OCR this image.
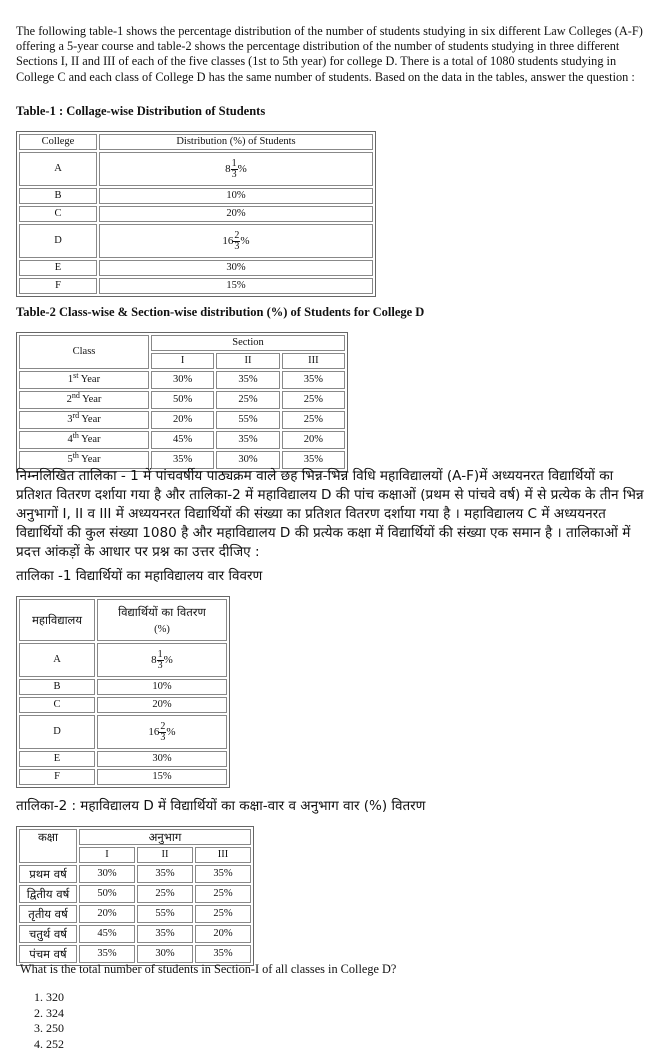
The following table-1 shows the percentage distribution of the number of students studying in six different Law Colleges (A-F) offering a 5-year course and table-2 shows the percentage distribution of the number of students studying in three different Sections I, II and III of each of the five classes (1st to 5th year) for college D. There is a total of 1080 students studying in College C and each class of College D has the same number of students. Based on the data in the tables, answer the question :
Table-1 : Collage-wise Distribution of Students
College	Distribution (%) of Students
A	$8 \frac{1}{3}$ %

B	10%
C	20%
D	$16 \frac{2}{3}$ %

E	30%
F	15%
Table-2 Class-wise & Section-wise distribution (%) of Students for College D
Class	Section		
	I	II	III
1st Year	30%	35%	35%
2nd Year	50%	25%	25%
3rd Year	20%	55%	25%
4th Year	45%	35%	20%
5th Year	35%	30%	35%
निम्नलिखित तालिका - 1 में पांचवर्षीय पाठ्यक्रम वाले छह भिन्न-भिन्न विधि महाविद्यालयों (A-F)में अध्ययनरत विद्यार्थियों का प्रतिशत वितरण दर्शाया गया है और तालिका-2 में महाविद्यालय D की पांच कक्षाओं (प्रथम से पांचवे वर्ष) में से प्रत्येक के तीन भिन्न अनुभागों I, II व III में अध्ययनरत विद्यार्थियों की संख्या का प्रतिशत वितरण दर्शाया गया है । महाविद्यालय C में अध्ययनरत विद्यार्थियों की कुल संख्या 1080 है और महाविद्यालय D की प्रत्येक कक्षा में विद्यार्थियों की संख्या एक समान है । तालिकाओं में प्रदत्त आंकड़ों के आधार पर प्रश्न का उत्तर दीजिए :
तालिका -1 विद्यार्थियों का महाविद्यालय वार विवरण
महाविद्यालय	विद्यार्थियों का वितरण
(%)

A	$8 \frac{1}{3}$ %

B	10%
C	20%
D	$16 \frac{2}{3}$ %

E	30%
F	15%
तालिका-2 : महाविद्यालय D में विद्यार्थियों का कक्षा-वार व अनुभाग वार (%) वितरण
कक्षा	अनुभाग		
	I	II	III
प्रथम वर्ष	30%	35%	35%
द्वितीय वर्ष	50%	25%	25%
तृतीय वर्ष	20%	55%	25%
चतुर्थ वर्ष	45%	35%	20%
पंचम वर्ष	35%	30%	35%
What is the total number of students in Section-I of all classes in College D?
1. 320
2. 324
3. 250
4. 252
